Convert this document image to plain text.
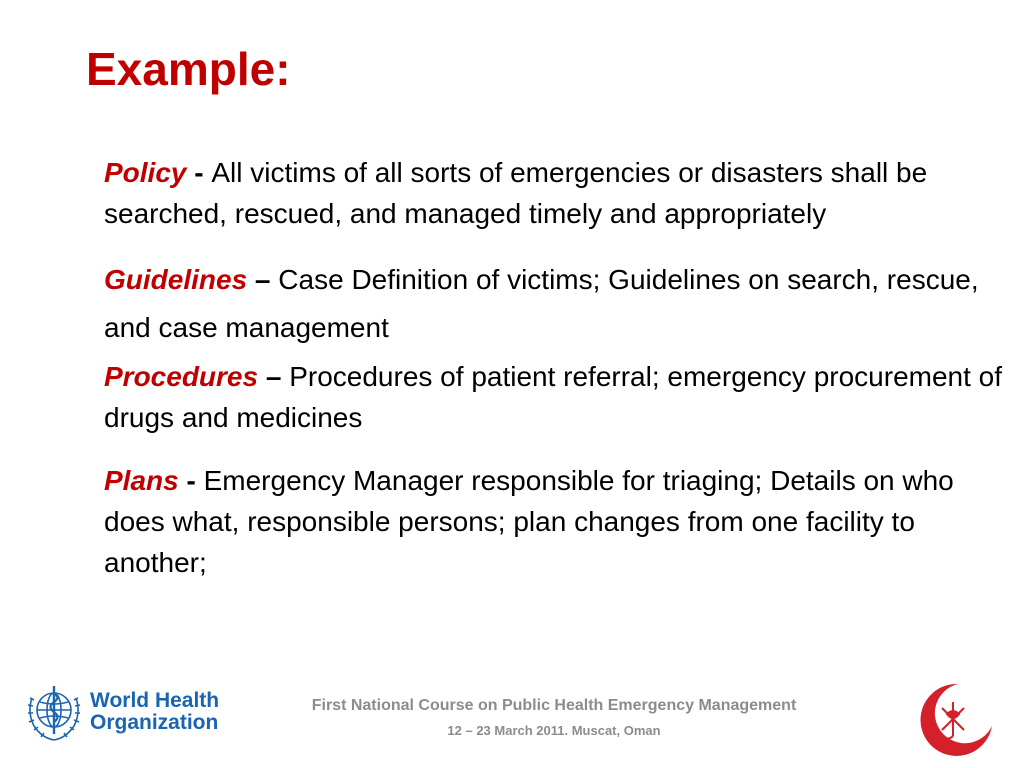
Example:

Policy - All victims of all sorts of emergencies or disasters shall be searched, rescued, and managed timely and appropriately

Guidelines – Case Definition of victims; Guidelines on search, rescue, and case management

Procedures – Procedures of patient referral; emergency procurement of drugs and medicines

Plans - Emergency Manager responsible for triaging; Details on who does what, responsible persons; plan changes from one facility to another;

World Health
Organization
First National Course on Public Health Emergency Management
12 – 23 March 2011. Muscat, Oman
